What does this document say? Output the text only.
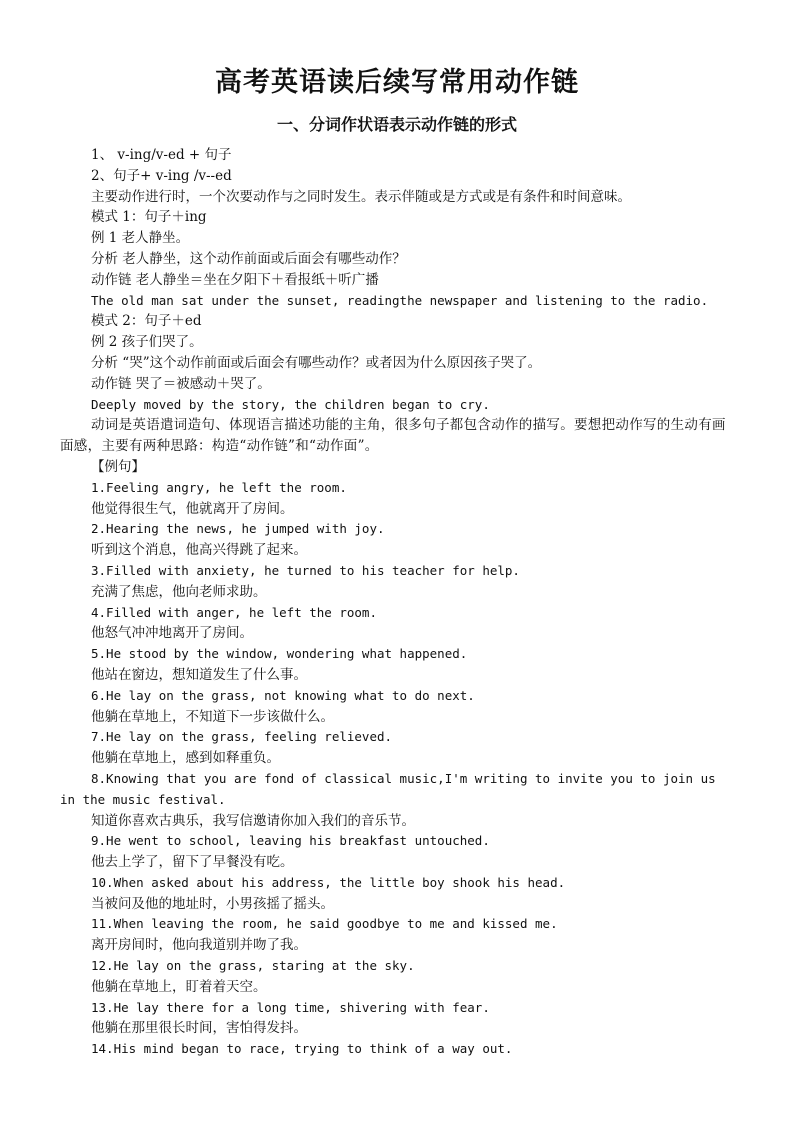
高考英语读后续写常用动作链
一、分词作状语表示动作链的形式
1、 v-ing/v-ed + 句子
2、句子+ v-ing /v--ed
主要动作进行时，一个次要动作与之同时发生。表示伴随或是方式或是有条件和时间意味。
模式 1：句子＋ing
例 1 老人静坐。
分析 老人静坐，这个动作前面或后面会有哪些动作？
动作链 老人静坐＝坐在夕阳下＋看报纸＋听广播
The old man sat under the sunset, readingthe newspaper and listening to the radio.
模式 2：句子＋ed
例 2 孩子们哭了。
分析 “哭”这个动作前面或后面会有哪些动作？或者因为什么原因孩子哭了。
动作链 哭了＝被感动＋哭了。
Deeply moved by the story, the children began to cry.
动词是英语遣词造句、体现语言描述功能的主角，很多句子都包含动作的描写。要想把动作写的生动有画面感，主要有两种思路：构造“动作链”和“动作面”。
【例句】
1.Feeling angry, he left the room.
他觉得很生气，他就离开了房间。
2.Hearing the news, he jumped with joy.
听到这个消息，他高兴得跳了起来。
3.Filled with anxiety, he turned to his teacher for help.
充满了焦虑，他向老师求助。
4.Filled with anger, he left the room.
他怒气冲冲地离开了房间。
5.He stood by the window, wondering what happened.
他站在窗边，想知道发生了什么事。
6.He lay on the grass, not knowing what to do next.
他躺在草地上，不知道下一步该做什么。
7.He lay on the grass, feeling relieved.
他躺在草地上，感到如释重负。
8.Knowing that you are fond of classical music,I'm writing to invite you to join us in the music festival.
知道你喜欢古典乐，我写信邀请你加入我们的音乐节。
9.He went to school, leaving his breakfast untouched.
他去上学了，留下了早餐没有吃。
10.When asked about his address, the little boy shook his head.
当被问及他的地址时，小男孩摇了摇头。
11.When leaving the room, he said goodbye to me and kissed me.
离开房间时，他向我道别并吻了我。
12.He lay on the grass, staring at the sky.
他躺在草地上，盯着着天空。
13.He lay there for a long time, shivering with fear.
他躺在那里很长时间，害怕得发抖。
14.His mind began to race, trying to think of a way out.
